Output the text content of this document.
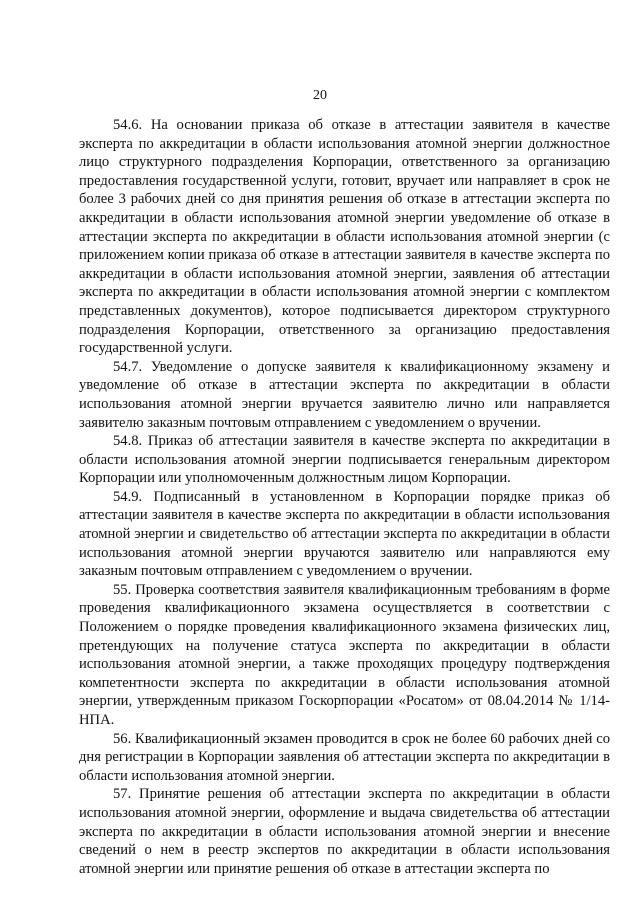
20

54.6. На основании приказа об отказе в аттестации заявителя в качестве эксперта по аккредитации в области использования атомной энергии должностное лицо структурного подразделения Корпорации, ответственного за организацию предоставления государственной услуги, готовит, вручает или направляет в срок не более 3 рабочих дней со дня принятия решения об отказе в аттестации эксперта по аккредитации в области использования атомной энергии уведомление об отказе в аттестации эксперта по аккредитации в области использования атомной энергии (с приложением копии приказа об отказе в аттестации заявителя в качестве эксперта по аккредитации в области использования атомной энергии, заявления об аттестации эксперта по аккредитации в области использования атомной энергии с комплектом представленных документов), которое подписывается директором структурного подразделения Корпорации, ответственного за организацию предоставления государственной услуги.

54.7. Уведомление о допуске заявителя к квалификационному экзамену и уведомление об отказе в аттестации эксперта по аккредитации в области использования атомной энергии вручается заявителю лично или направляется заявителю заказным почтовым отправлением с уведомлением о вручении.

54.8. Приказ об аттестации заявителя в качестве эксперта по аккредитации в области использования атомной энергии подписывается генеральным директором Корпорации или уполномоченным должностным лицом Корпорации.

54.9. Подписанный в установленном в Корпорации порядке приказ об аттестации заявителя в качестве эксперта по аккредитации в области использования атомной энергии и свидетельство об аттестации эксперта по аккредитации в области использования атомной энергии вручаются заявителю или направляются ему заказным почтовым отправлением с уведомлением о вручении.

55. Проверка соответствия заявителя квалификационным требованиям в форме проведения квалификационного экзамена осуществляется в соответствии с Положением о порядке проведения квалификационного экзамена физических лиц, претендующих на получение статуса эксперта по аккредитации в области использования атомной энергии, а также проходящих процедуру подтверждения компетентности эксперта по аккредитации в области использования атомной энергии, утвержденным приказом Госкорпорации «Росатом» от 08.04.2014 № 1/14-НПА.

56. Квалификационный экзамен проводится в срок не более 60 рабочих дней со дня регистрации в Корпорации заявления об аттестации эксперта по аккредитации в области использования атомной энергии.

57. Принятие решения об аттестации эксперта по аккредитации в области использования атомной энергии, оформление и выдача свидетельства об аттестации эксперта по аккредитации в области использования атомной энергии и внесение сведений о нем в реестр экспертов по аккредитации в области использования атомной энергии или принятие решения об отказе в аттестации эксперта по
